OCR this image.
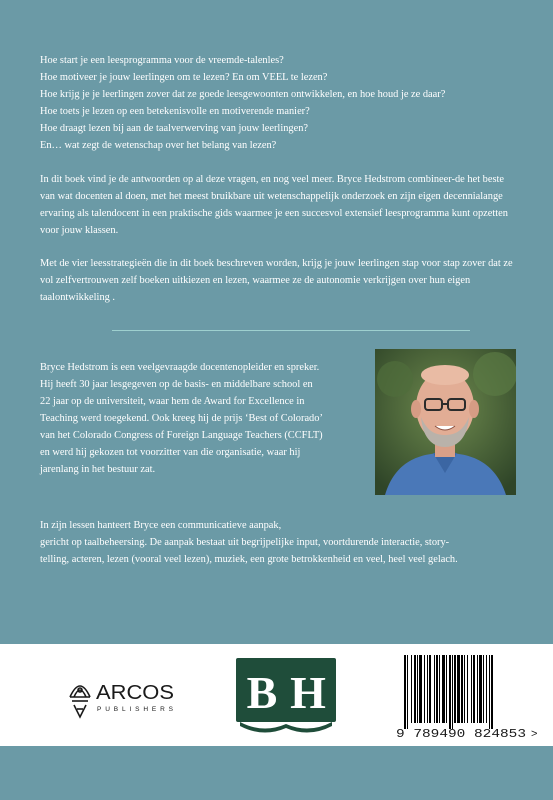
Hoe start je een leesprogramma voor de vreemde-talenles?
Hoe motiveer je jouw leerlingen om te lezen? En om VEEL te lezen?
Hoe krijg je je leerlingen zover dat ze goede leesgewoonten ontwikkelen, en hoe houd je ze daar?
Hoe toets je lezen op een betekenisvolle en motiverende manier?
Hoe draagt lezen bij aan de taalverwerving van jouw leerlingen?
En… wat zegt de wetenschap over het belang van lezen?
In dit boek vind je de antwoorden op al deze vragen, en nog veel meer. Bryce Hedstrom combineer-de het beste van wat docenten al doen, met het meest bruikbare uit wetenschappelijk onderzoek en zijn eigen decennialange ervaring als talendocent in een praktische gids waarmee je een succesvol extensief leesprogramma kunt opzetten voor jouw klassen.
Met de vier leesstrategieën die in dit boek beschreven worden, krijg je jouw leerlingen stap voor stap zover dat ze vol zelfvertrouwen zelf boeken uitkiezen en lezen, waarmee ze de autonomie verkrijgen over hun eigen taalontwikkeling .
Bryce Hedstrom is een veelgevraagde docentenopleider en spreker.
Hij heeft 30 jaar lesgegeven op de basis- en middelbare school en
22 jaar op de universiteit, waar hem de Award for Excellence in
Teaching werd toegekend. Ook kreeg hij de prijs ‘Best of Colorado’
van het Colorado Congress of Foreign Language Teachers (CCFLT)
en werd hij gekozen tot voorzitter van die organisatie, waar hij
jarenlang in het bestuur zat.
In zijn lessen hanteert Bryce een communicatieve aanpak,
gericht op taalbeheersing. De aanpak bestaat uit begrijpelijke input, voortdurende interactie, story-
telling, acteren, lezen (vooral veel lezen), muziek, een grote betrokkenheid en veel, heel veel gelach.
ARCOS
PUBLISHERS B H
9 789490 824853 >
